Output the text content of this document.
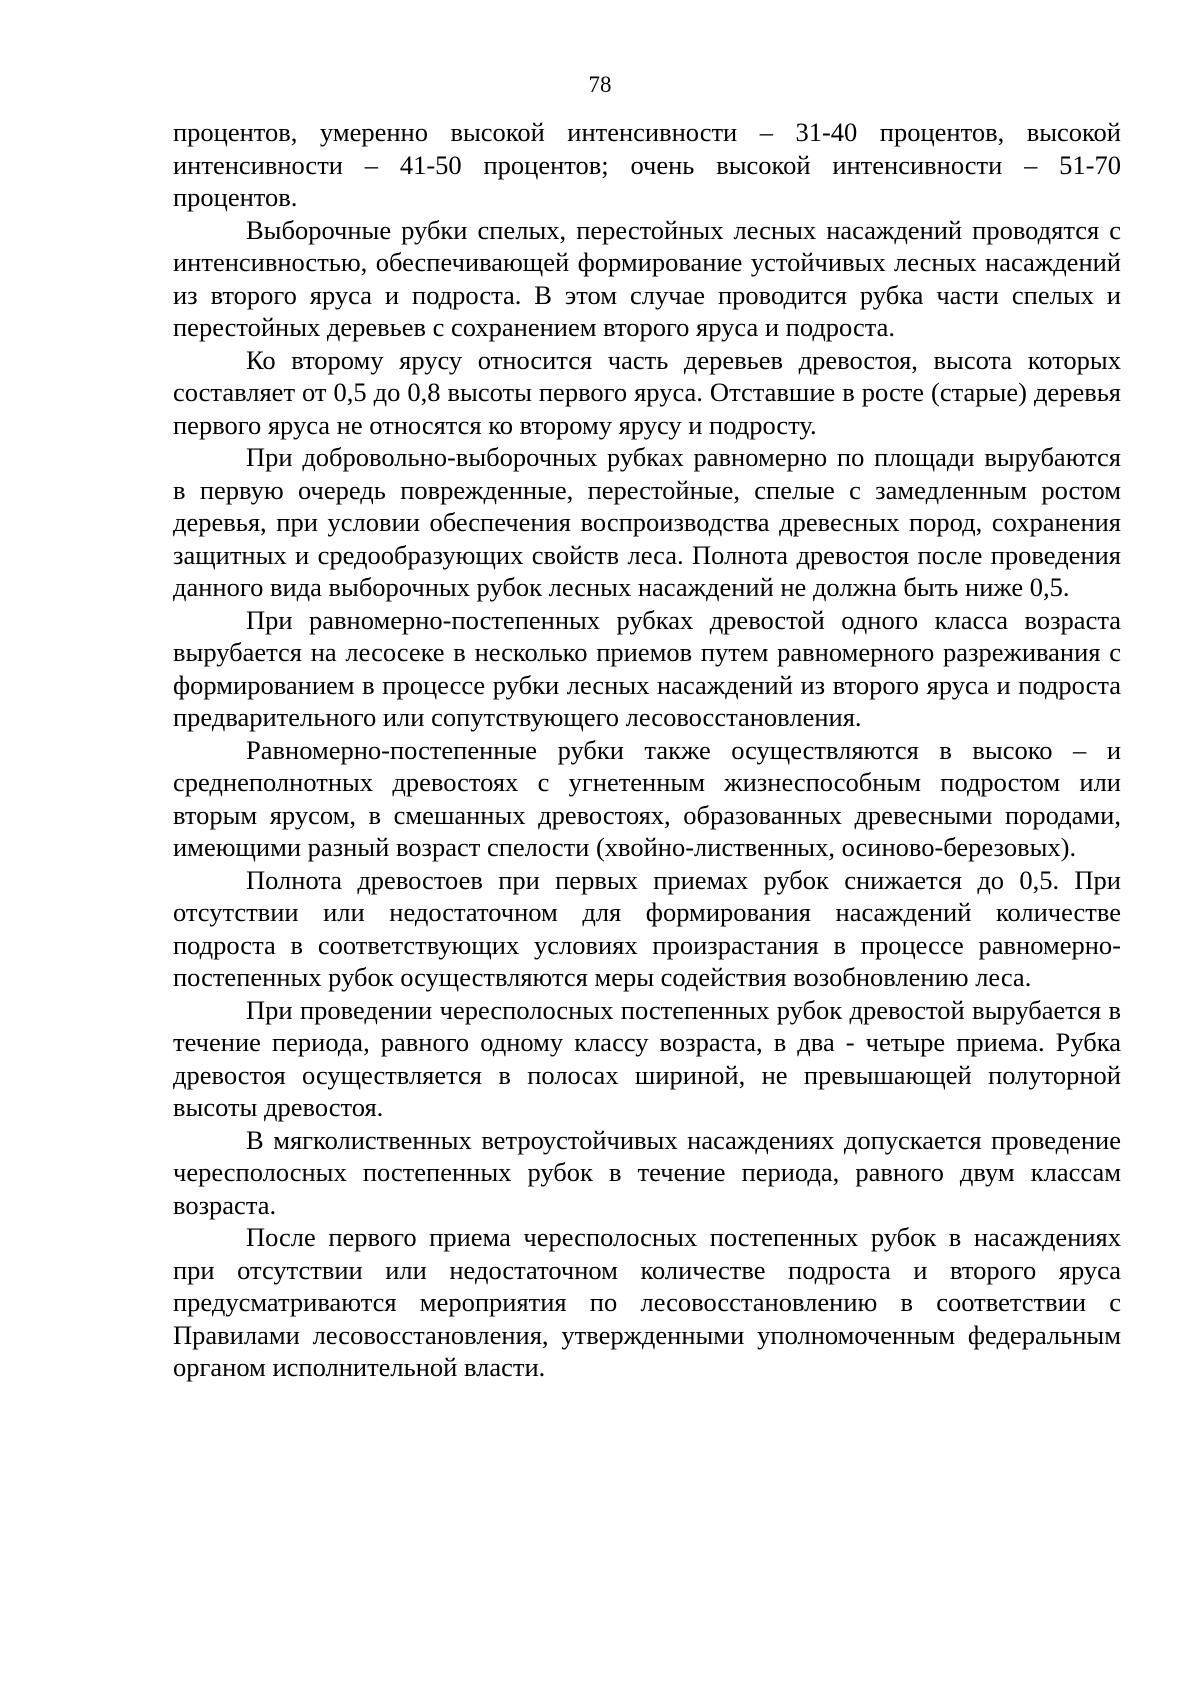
78

процентов, умеренно высокой интенсивности – 31-40 процентов, высокой интенсивности – 41-50 процентов; очень высокой интенсивности – 51-70 процентов.

Выборочные рубки спелых, перестойных лесных насаждений проводятся с интенсивностью, обеспечивающей формирование устойчивых лесных насаждений из второго яруса и подроста. В этом случае проводится рубка части спелых и перестойных деревьев с сохранением второго яруса и подроста.

Ко второму ярусу относится часть деревьев древостоя, высота которых составляет от 0,5 до 0,8 высоты первого яруса. Отставшие в росте (старые) деревья первого яруса не относятся ко второму ярусу и подросту.

При добровольно-выборочных рубках равномерно по площади вырубаются в первую очередь поврежденные, перестойные, спелые с замедленным ростом деревья, при условии обеспечения воспроизводства древесных пород, сохранения защитных и средообразующих свойств леса. Полнота древостоя после проведения данного вида выборочных рубок лесных насаждений не должна быть ниже 0,5.

При равномерно-постепенных рубках древостой одного класса возраста вырубается на лесосеке в несколько приемов путем равномерного разреживания с формированием в процессе рубки лесных насаждений из второго яруса и подроста предварительного или сопутствующего лесовосстановления.

Равномерно-постепенные рубки также осуществляются в высоко – и среднеполнотных древостоях с угнетенным жизнеспособным подростом или вторым ярусом, в смешанных древостоях, образованных древесными породами, имеющими разный возраст спелости (хвойно-лиственных, осиново-березовых).

Полнота древостоев при первых приемах рубок снижается до 0,5. При отсутствии или недостаточном для формирования насаждений количестве подроста в соответствующих условиях произрастания в процессе равномерно-постепенных рубок осуществляются меры содействия возобновлению леса.

При проведении чересполосных постепенных рубок древостой вырубается в течение периода, равного одному классу возраста, в два - четыре приема. Рубка древостоя осуществляется в полосах шириной, не превышающей полуторной высоты древостоя.

В мягколиственных ветроустойчивых насаждениях допускается проведение чересполосных постепенных рубок в течение периода, равного двум классам возраста.

После первого приема чересполосных постепенных рубок в насаждениях при отсутствии или недостаточном количестве подроста и второго яруса предусматриваются мероприятия по лесовосстановлению в соответствии с Правилами лесовосстановления, утвержденными уполномоченным федеральным органом исполнительной власти.
